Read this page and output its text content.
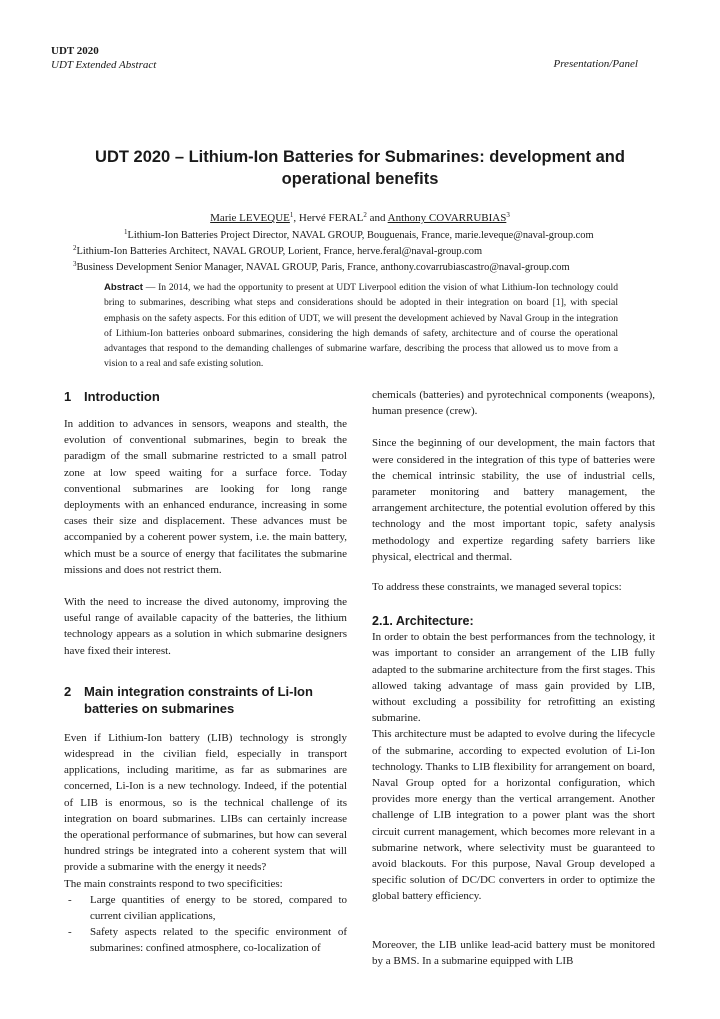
UDT 2020
UDT Extended Abstract	Presentation/Panel
UDT 2020 – Lithium-Ion Batteries for Submarines: development and
operational benefits
Marie LEVEQUE$^1$, Hervé FERAL$^2$ and Anthony COVARRUBIAS$^3$
$^1$Lithium-Ion Batteries Project Director, NAVAL GROUP, Bouguenais, France, marie.leveque@naval-group.com
$^2$Lithium-Ion Batteries Architect, NAVAL GROUP, Lorient, France, herve.feral@naval-group.com
$^3$Business Development Senior Manager, NAVAL GROUP, Paris, France, anthony.covarrubiascastro@naval-group.com
Abstract — In 2014, we had the opportunity to present at UDT Liverpool edition the vision of what Lithium-Ion technology could bring to submarines, describing what steps and considerations should be adopted in their integration on board [1], with special emphasis on the safety aspects. For this edition of UDT, we will present the development achieved by Naval Group in the integration of Lithium-Ion batteries onboard submarines, considering the high demands of safety, architecture and of course the operational advantages that respond to the demanding challenges of submarine warfare, describing the process that allowed us to move from a vision to a real and safe existing solution.
1 Introduction

In addition to advances in sensors, weapons and stealth, the evolution of conventional submarines, begin to break the paradigm of the small submarine restricted to a small patrol zone at low speed waiting for a surface force. Today conventional submarines are looking for long range deployments with an enhanced endurance, increasing in some cases their size and displacement. These advances must be accompanied by a coherent power system, i.e. the main battery, which must be a source of energy that facilitates the submarine missions and does not restrict them.

With the need to increase the dived autonomy, improving the useful range of available capacity of the batteries, the lithium technology appears as a solution in which submarine designers have fixed their interest.

2 Main integration constraints of Li-Ion batteries on submarines

Even if Lithium-Ion battery (LIB) technology is strongly widespread in the civilian field, especially in transport applications, including maritime, as far as submarines are concerned, Li-Ion is a new technology. Indeed, if the potential of LIB is enormous, so is the technical challenge of its integration on board submarines. LIBs can certainly increase the operational performance of submarines, but how can several hundred strings be integrated into a coherent system that will provide a submarine with the energy it needs?

The main constraints respond to two specificities:

- Large quantities of energy to be stored, compared to current civilian applications,
- Safety aspects related to the specific environment of submarines: confined atmosphere, co-localization of

chemicals (batteries) and pyrotechnical components (weapons), human presence (crew).

Since the beginning of our development, the main factors that were considered in the integration of this type of batteries were the chemical intrinsic stability, the use of industrial cells, parameter monitoring and battery management, the arrangement architecture, the potential evolution offered by this technology and the most important topic, safety analysis methodology and expertize regarding safety barriers like physical, electrical and thermal.

To address these constraints, we managed several topics:

2.1. Architecture:

In order to obtain the best performances from the technology, it was important to consider an arrangement of the LIB fully adapted to the submarine architecture from the first stages. This allowed taking advantage of mass gain provided by LIB, without excluding a possibility for retrofitting an existing submarine.

This architecture must be adapted to evolve during the lifecycle of the submarine, according to expected evolution of Li-Ion technology. Thanks to LIB flexibility for arrangement on board, Naval Group opted for a horizontal configuration, which provides more energy than the vertical arrangement. Another challenge of LIB integration to a power plant was the short circuit current management, which becomes more relevant in a submarine network, where selectivity must be guaranteed to avoid blackouts. For this purpose, Naval Group developed a specific solution of DC/DC converters in order to optimize the global battery efficiency.

Moreover, the LIB unlike lead-acid battery must be monitored by a BMS. In a submarine equipped with LIB
